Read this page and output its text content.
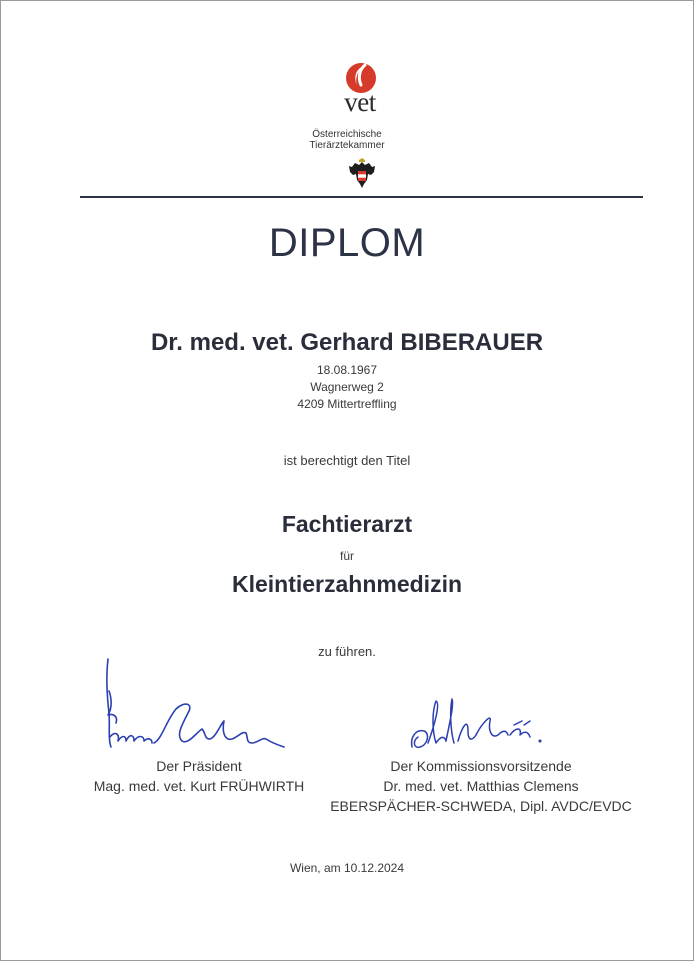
vet
Österreichische
Tierärztekammer
DIPLOM
Dr. med. vet. Gerhard BIBERAUER
18.08.1967
Wagnerweg 2
4209 Mittertreffling
ist berechtigt den Titel
Fachtierarzt
für
Kleintierzahnmedizin
zu führen.
Der Präsident
Mag. med. vet. Kurt FRÜHWIRTH
Der Kommissionsvorsitzende
Dr. med. vet. Matthias Clemens
EBERSPÄCHER-SCHWEDA, Dipl. AVDC/EVDC
Wien, am 10.12.2024
